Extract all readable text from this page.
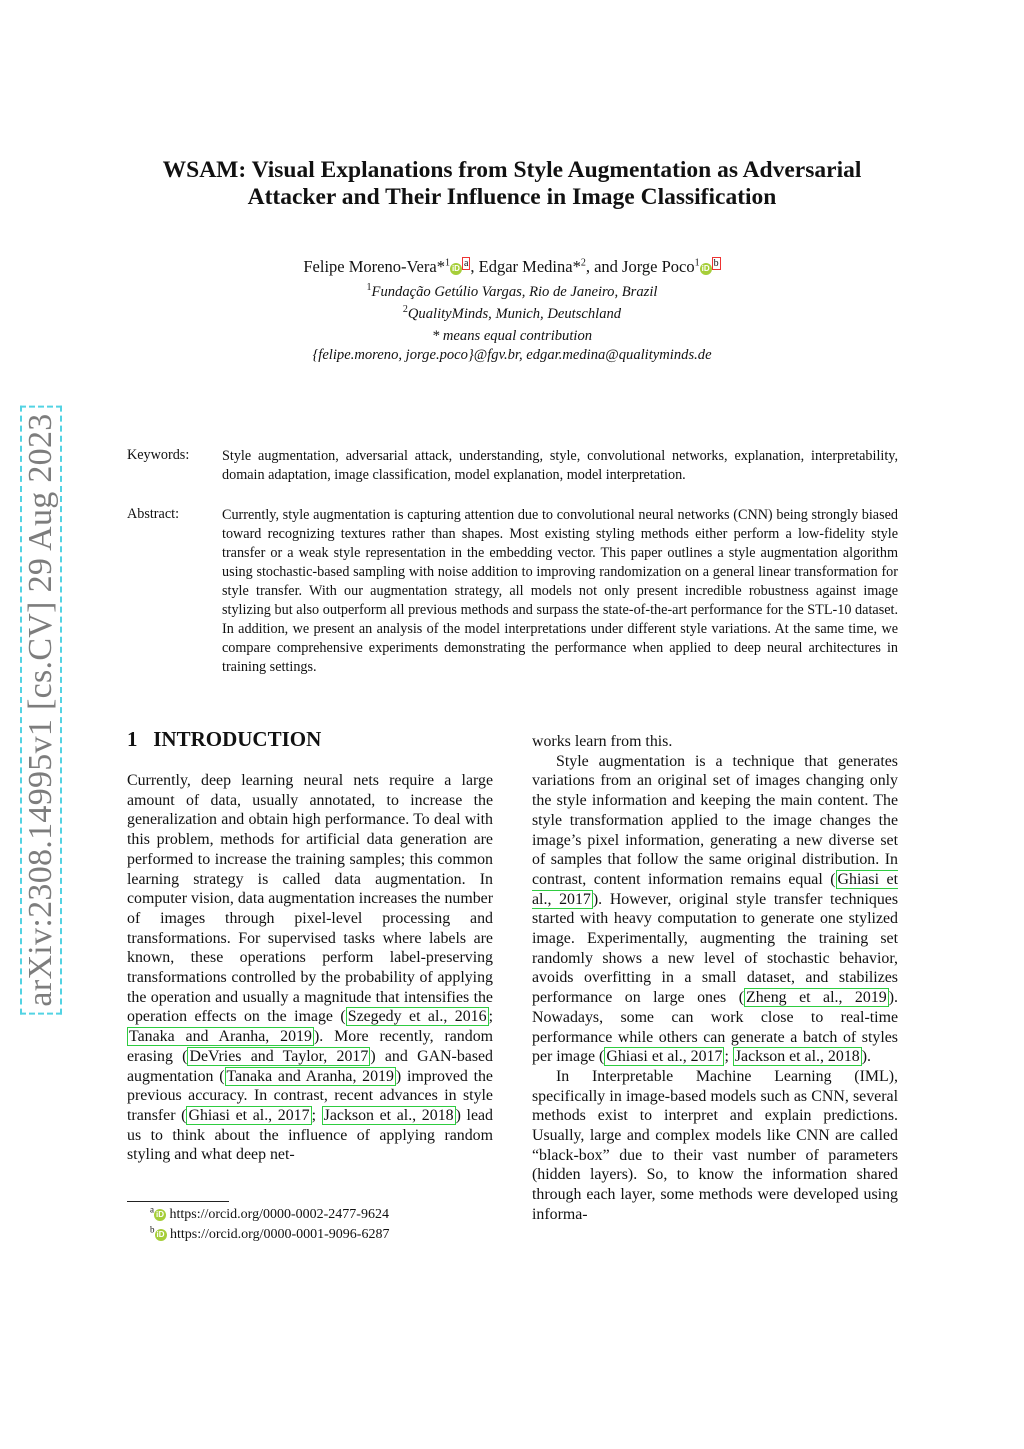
arXiv:2308.14995v1 [cs.CV] 29 Aug 2023
WSAM: Visual Explanations from Style Augmentation as Adversarial
Attacker and Their Influence in Image Classification
Felipe Moreno-Vera*$^1$ iD $^a$ , Edgar Medina*$^2$, and Jorge Poco$^1$ iD $^b$
$^1$Fundação Getúlio Vargas, Rio de Janeiro, Brazil
$^2$QualityMinds, Munich, Deutschland
* means equal contribution
{felipe.moreno, jorge.poco}@fgv.br, edgar.medina@qualityminds.de
Keywords: Style augmentation, adversarial attack, understanding, style, convolutional networks, explanation, interpretability, domain adaptation, image classification, model explanation, model interpretation.
Abstract:	Currently, style augmentation is capturing attention due to convolutional neural networks (CNN) being strongly biased toward recognizing textures rather than shapes. Most existing styling methods either perform a low-fidelity style transfer or a weak style representation in the embedding vector. This paper outlines a style augmentation algorithm using stochastic-based sampling with noise addition to improving randomization on a general linear transformation for style transfer. With our augmentation strategy, all models not only present incredible robustness against image stylizing but also outperform all previous methods and surpass the state-of-the-art performance for the STL-10 dataset. In addition, we present an analysis of the model interpretations under different style variations. At the same time, we compare comprehensive experiments demonstrating the performance when applied to deep neural architectures in training settings.
1 INTRODUCTION

Currently, deep learning neural nets require a large amount of data, usually annotated, to increase the generalization and obtain high performance. To deal with this problem, methods for artificial data generation are performed to increase the training samples; this common learning strategy is called data augmentation. In computer vision, data augmentation increases the number of images through pixel-level processing and transformations. For supervised tasks where labels are known, these operations perform label-preserving transformations controlled by the probability of applying the operation and usually a magnitude that intensifies the operation effects on the image ( Szegedy et al., 2016 ; Tanaka and Aranha, 2019 ). More recently, random erasing ( DeVries and Taylor, 2017 ) and GAN-based augmentation ( Tanaka and Aranha, 2019 ) improved the previous accuracy. In contrast, recent advances in style transfer ( Ghiasi et al., 2017 ; Jackson et al., 2018 ) lead us to think about the influence of applying random styling and what deep net-

works learn from this.

Style augmentation is a technique that generates variations from an original set of images changing only the style information and keeping the main content. The style transformation applied to the image changes the image’s pixel information, generating a new diverse set of samples that follow the same original distribution. In contrast, content information remains equal ( Ghiasi et al., 2017 ). However, original style transfer techniques started with heavy computation to generate one stylized image. Experimentally, augmenting the training set randomly shows a new level of stochastic behavior, avoids overfitting in a small dataset, and stabilizes performance on large ones ( Zheng et al., 2019 ). Nowadays, some can work close to real-time performance while others can generate a batch of styles per image ( Ghiasi et al., 2017 ; Jackson et al., 2018 ).

In Interpretable Machine Learning (IML), specifically in image-based models such as CNN, several methods exist to interpret and explain predictions. Usually, large and complex models like CNN are called “black-box” due to their vast number of parameters (hidden layers). So, to know the information shared through each layer, some methods were developed using informa-

$^a$iD https://orcid.org/0000-0002-2477-9624
$^b$iD https://orcid.org/0000-0001-9096-6287
